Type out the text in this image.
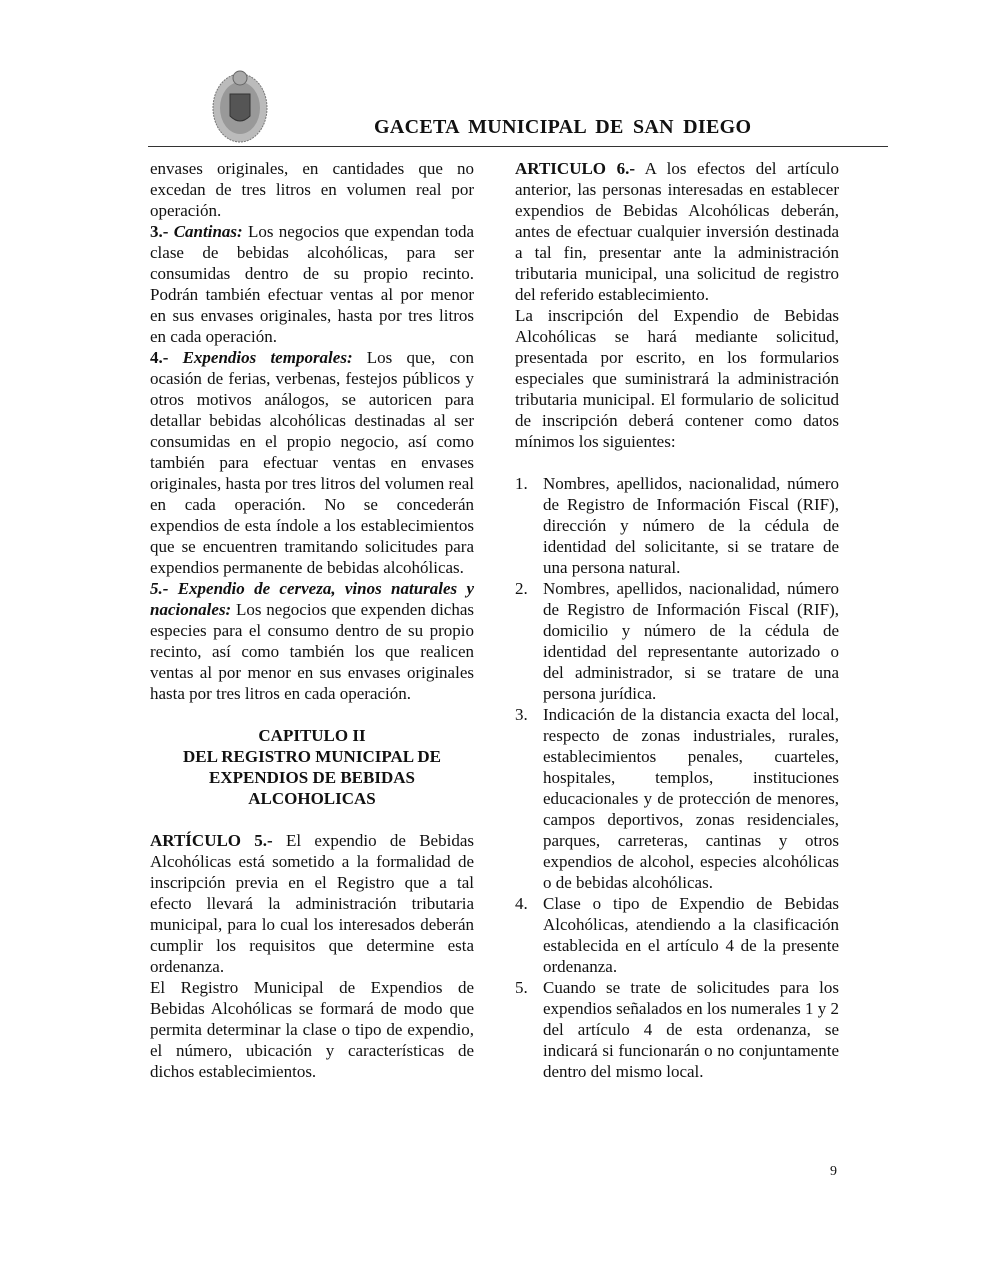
GACETA MUNICIPAL DE SAN DIEGO

envases originales, en cantidades que no excedan de tres litros en volumen real por operación.

3.- Cantinas: Los negocios que expendan toda clase de bebidas alcohólicas, para ser consumidas dentro de su propio recinto. Podrán también efectuar ventas al por menor en sus envases originales, hasta por tres litros en cada operación.

4.- Expendios temporales: Los que, con ocasión de ferias, verbenas, festejos públicos y otros motivos análogos, se autoricen para detallar bebidas alcohólicas destinadas al ser consumidas en el propio negocio, así como también para efectuar ventas en envases originales, hasta por tres litros del volumen real en cada operación. No se concederán expendios de esta índole a los establecimientos que se encuentren tramitando solicitudes para expendios permanente de bebidas alcohólicas.

5.- Expendio de cerveza, vinos naturales y nacionales: Los negocios que expenden dichas especies para el consumo dentro de su propio recinto, así como también los que realicen ventas al por menor en sus envases originales hasta por tres litros en cada operación.

CAPITULO II
DEL REGISTRO MUNICIPAL DE
EXPENDIOS DE BEBIDAS
ALCOHOLICAS

ARTÍCULO 5.- El expendio de Bebidas Alcohólicas está sometido a la formalidad de inscripción previa en el Registro que a tal efecto llevará la administración tributaria municipal, para lo cual los interesados deberán cumplir los requisitos que determine esta ordenanza.

El Registro Municipal de Expendios de Bebidas Alcohólicas se formará de modo que permita determinar la clase o tipo de expendio, el número, ubicación y características de dichos establecimientos.

ARTICULO 6.- A los efectos del artículo anterior, las personas interesadas en establecer expendios de Bebidas Alcohólicas deberán, antes de efectuar cualquier inversión destinada a tal fin, presentar ante la administración tributaria municipal, una solicitud de registro del referido establecimiento.

La inscripción del Expendio de Bebidas Alcohólicas se hará mediante solicitud, presentada por escrito, en los formularios especiales que suministrará la administración tributaria municipal. El formulario de solicitud de inscripción deberá contener como datos mínimos los siguientes:

1. Nombres, apellidos, nacionalidad, número de Registro de Información Fiscal (RIF), dirección y número de la cédula de identidad del solicitante, si se tratare de una persona natural.
2. Nombres, apellidos, nacionalidad, número de Registro de Información Fiscal (RIF), domicilio y número de la cédula de identidad del representante autorizado o del administrador, si se tratare de una persona jurídica.
3. Indicación de la distancia exacta del local, respecto de zonas industriales, rurales, establecimientos penales, cuarteles, hospitales, templos, instituciones educacionales y de protección de menores, campos deportivos, zonas residenciales, parques, carreteras, cantinas y otros expendios de alcohol, especies alcohólicas o de bebidas alcohólicas.
4. Clase o tipo de Expendio de Bebidas Alcohólicas, atendiendo a la clasificación establecida en el artículo 4 de la presente ordenanza.
5. Cuando se trate de solicitudes para los expendios señalados en los numerales 1 y 2 del artículo 4 de esta ordenanza, se indicará si funcionarán o no conjuntamente dentro del mismo local.
9
